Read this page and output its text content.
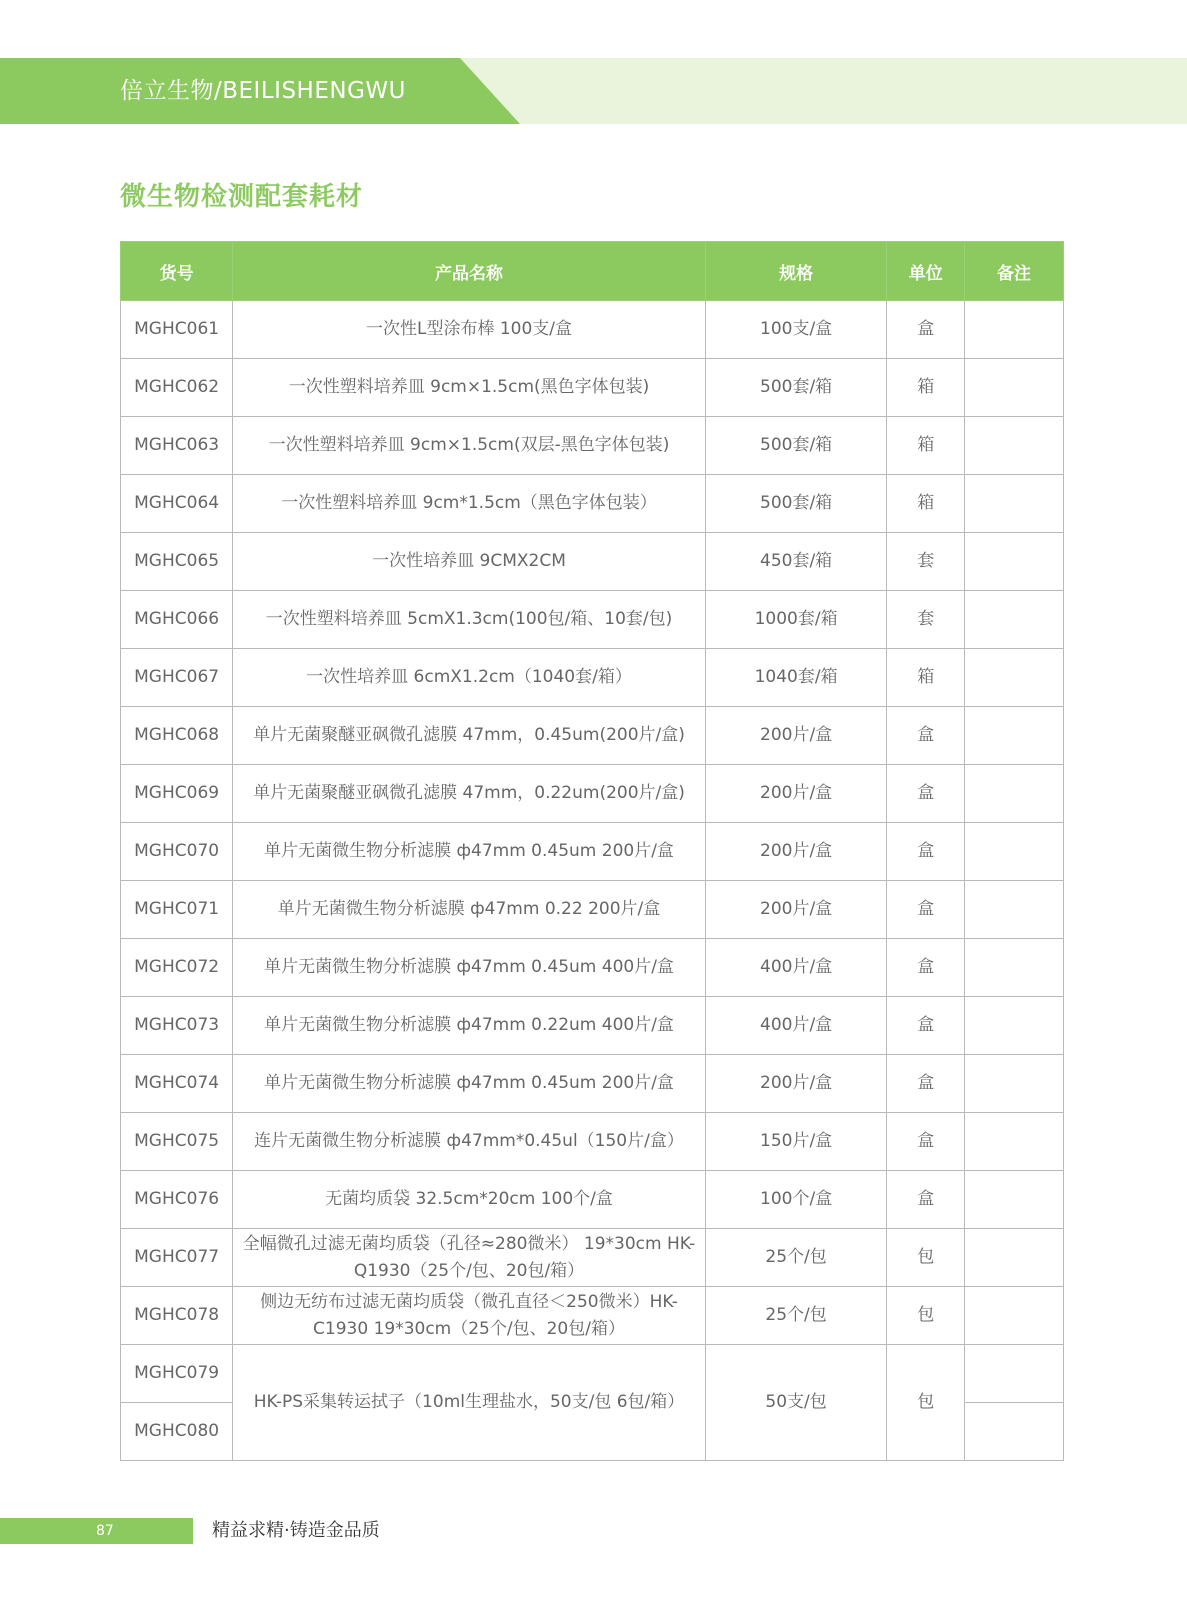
倍立生物/BEILISHENGWU
微生物检测配套耗材
货号	产品名称	规格	单位	备注
MGHC061	一次性L型涂布棒 100支/盒	100支/盒	盒	
MGHC062	一次性塑料培养皿 9cm×1.5cm(黑色字体包装)	500套/箱	箱	
MGHC063	一次性塑料培养皿 9cm×1.5cm(双层-黑色字体包装)	500套/箱	箱	
MGHC064	一次性塑料培养皿 9cm*1.5cm（黑色字体包装）	500套/箱	箱	
MGHC065	一次性培养皿 9CMX2CM	450套/箱	套	
MGHC066	一次性塑料培养皿 5cmX1.3cm(100包/箱、10套/包)	1000套/箱	套	
MGHC067	一次性培养皿 6cmX1.2cm（1040套/箱）	1040套/箱	箱	
MGHC068	单片无菌聚醚亚砜微孔滤膜 47mm，0.45um(200片/盒)	200片/盒	盒	
MGHC069	单片无菌聚醚亚砜微孔滤膜 47mm，0.22um(200片/盒)	200片/盒	盒	
MGHC070	单片无菌微生物分析滤膜 ф47mm 0.45um 200片/盒	200片/盒	盒	
MGHC071	单片无菌微生物分析滤膜 ф47mm 0.22 200片/盒	200片/盒	盒	
MGHC072	单片无菌微生物分析滤膜 ф47mm 0.45um 400片/盒	400片/盒	盒	
MGHC073	单片无菌微生物分析滤膜 ф47mm 0.22um 400片/盒	400片/盒	盒	
MGHC074	单片无菌微生物分析滤膜 ф47mm 0.45um 200片/盒	200片/盒	盒	
MGHC075	连片无菌微生物分析滤膜 ф47mm*0.45ul（150片/盒）	150片/盒	盒	
MGHC076	无菌均质袋 32.5cm*20cm 100个/盒	100个/盒	盒	
MGHC077	全幅微孔过滤无菌均质袋（孔径≈280微米） 19*30cm HK-Q1930（25个/包、20包/箱）	25个/包	包	
MGHC078	侧边无纺布过滤无菌均质袋（微孔直径＜250微米）HK-C1930 19*30cm（25个/包、20包/箱）	25个/包	包	
MGHC079	HK-PS采集转运拭子（10ml生理盐水，50支/包 6包/箱）	50支/包	包	
MGHC080				
87	精益求精·铸造金品质
